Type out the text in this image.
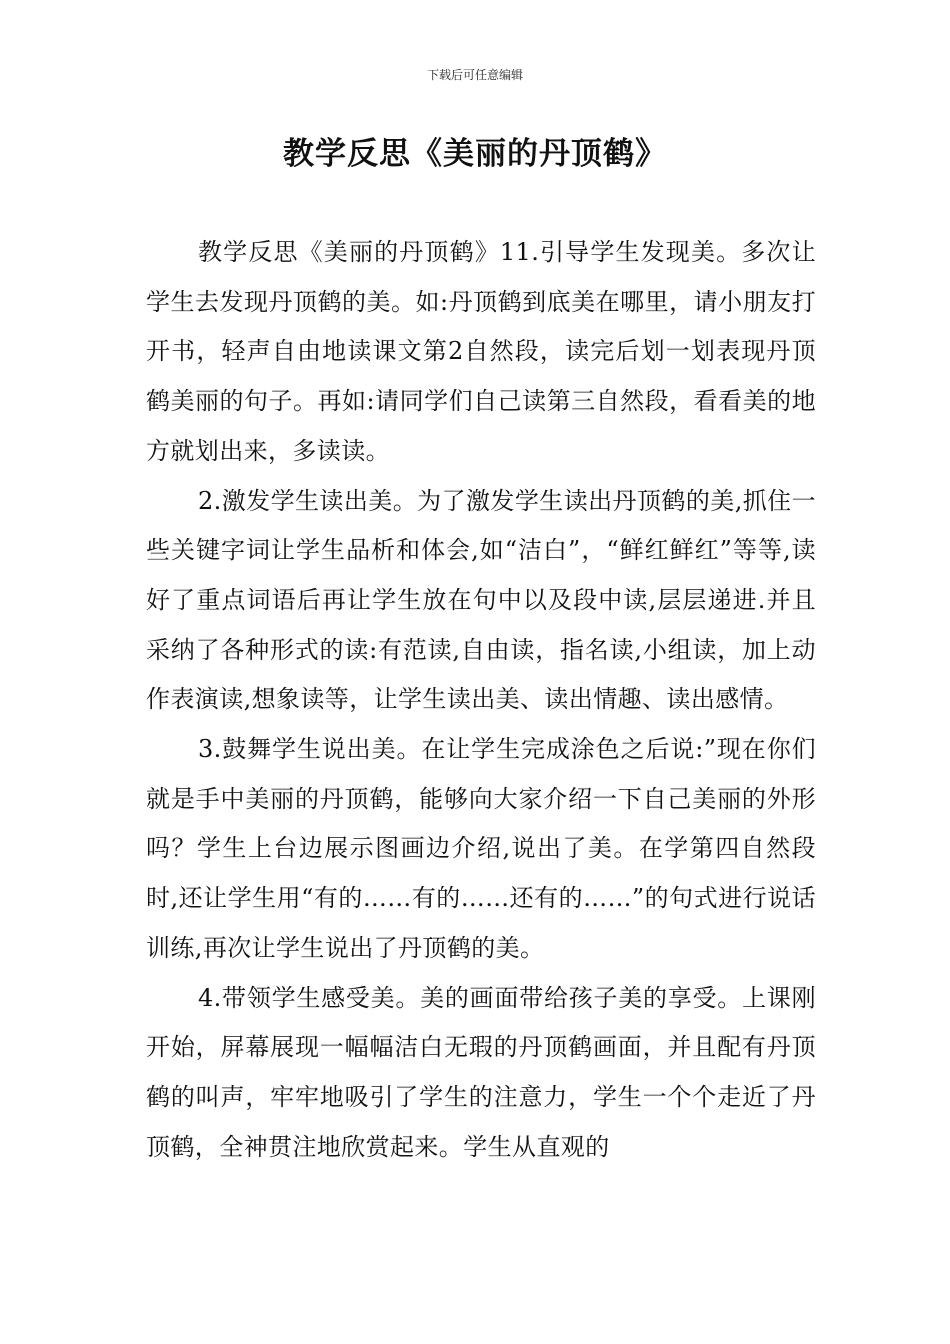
下载后可任意编辑
教学反思《美丽的丹顶鹤》

教学反思《美丽的丹顶鹤》11.引导学生发现美。多次让学生去发现丹顶鹤的美。如:丹顶鹤到底美在哪里，请小朋友打开书，轻声自由地读课文第2自然段，读完后划一划表现丹顶鹤美丽的句子。再如:请同学们自己读第三自然段，看看美的地方就划出来，多读读。

2.激发学生读出美。为了激发学生读出丹顶鹤的美,抓住一些关键字词让学生品析和体会,如“洁白”，“鲜红鲜红”等等,读好了重点词语后再让学生放在句中以及段中读,层层递进.并且采纳了各种形式的读:有范读,自由读，指名读,小组读，加上动作表演读,想象读等，让学生读出美、读出情趣、读出感情。

3.鼓舞学生说出美。在让学生完成涂色之后说:”现在你们就是手中美丽的丹顶鹤，能够向大家介绍一下自己美丽的外形吗？学生上台边展示图画边介绍,说出了美。在学第四自然段时,还让学生用“有的……有的……还有的……”的句式进行说话训练,再次让学生说出了丹顶鹤的美。

4.带领学生感受美。美的画面带给孩子美的享受。上课刚开始，屏幕展现一幅幅洁白无瑕的丹顶鹤画面，并且配有丹顶鹤的叫声，牢牢地吸引了学生的注意力，学生一个个走近了丹顶鹤，全神贯注地欣赏起来。学生从直观的
